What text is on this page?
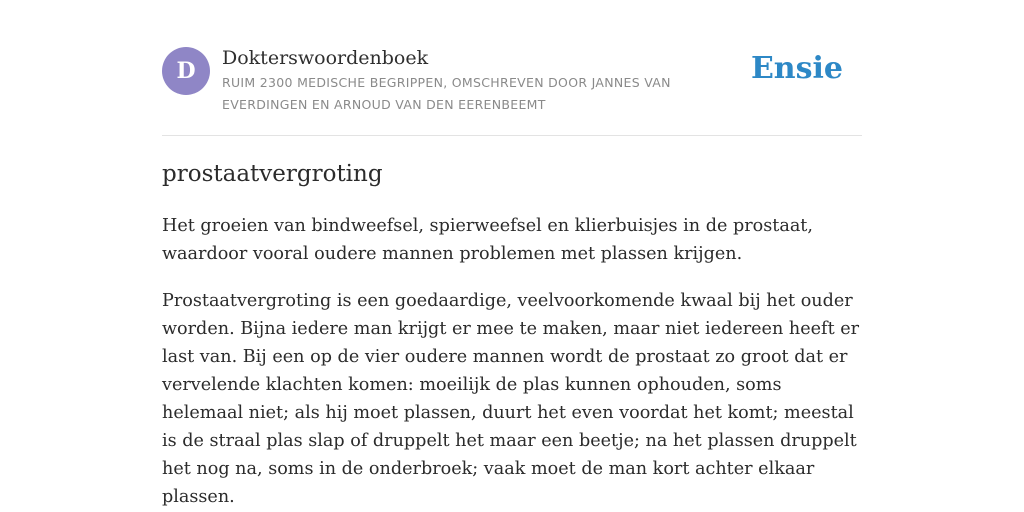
D	Dokterswoordenboek
RUIM 2300 MEDISCHE BEGRIPPEN, OMSCHREVEN DOOR JANNES VAN EVERDINGEN EN ARNOUD VAN DEN EERENBEEMT
Ensie
prostaatvergroting

Het groeien van bindweefsel, spierweefsel en klierbuisjes in de prostaat, waardoor vooral oudere mannen problemen met plassen krijgen.

Prostaatvergroting is een goedaardige, veelvoorkomende kwaal bij het ouder worden. Bijna iedere man krijgt er mee te maken, maar niet iedereen heeft er last van. Bij een op de vier oudere mannen wordt de prostaat zo groot dat er vervelende klachten komen: moeilijk de plas kunnen ophouden, soms helemaal niet; als hij moet plassen, duurt het even voordat het komt; meestal is de straal plas slap of druppelt het maar een beetje; na het plassen druppelt het nog na, soms in de onderbroek; vaak moet de man kort achter elkaar plassen.
